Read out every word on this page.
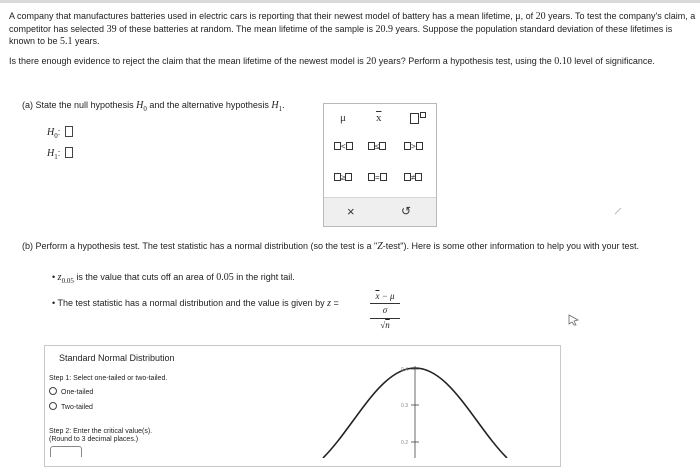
A company that manufactures batteries used in electric cars is reporting that their newest model of battery has a mean lifetime, μ, of 20 years. To test the company's claim, a competitor has selected 39 of these batteries at random. The mean lifetime of the sample is 20.9 years. Suppose the population standard deviation of these lifetimes is known to be 5.1 years.

Is there enough evidence to reject the claim that the mean lifetime of the newest model is 20 years? Perform a hypothesis test, using the 0.10 level of significance.

(a) State the null hypothesis $H_0$ and the alternative hypothesis $H_1$.
$H_0$:
$H_1$:
μ	$\overline{x}$
<	≤	>
≥	=	≠
×	↺

(b) Perform a hypothesis test. The test statistic has a normal distribution (so the test is a "Z-test"). Here is some other information to help you with your test.

• $z_{0.05}$ is the value that cuts off an area of 0.05 in the right tail.
• The test statistic has a normal distribution and the value is given by z =
$\overline{x} - \mu$
σ
√n
Standard Normal Distribution
Step 1: Select one-tailed or two-tailed.
One-tailed
Two-tailed
Step 2: Enter the critical value(s).
(Round to 3 decimal places.)
0.4
0.3
0.2
